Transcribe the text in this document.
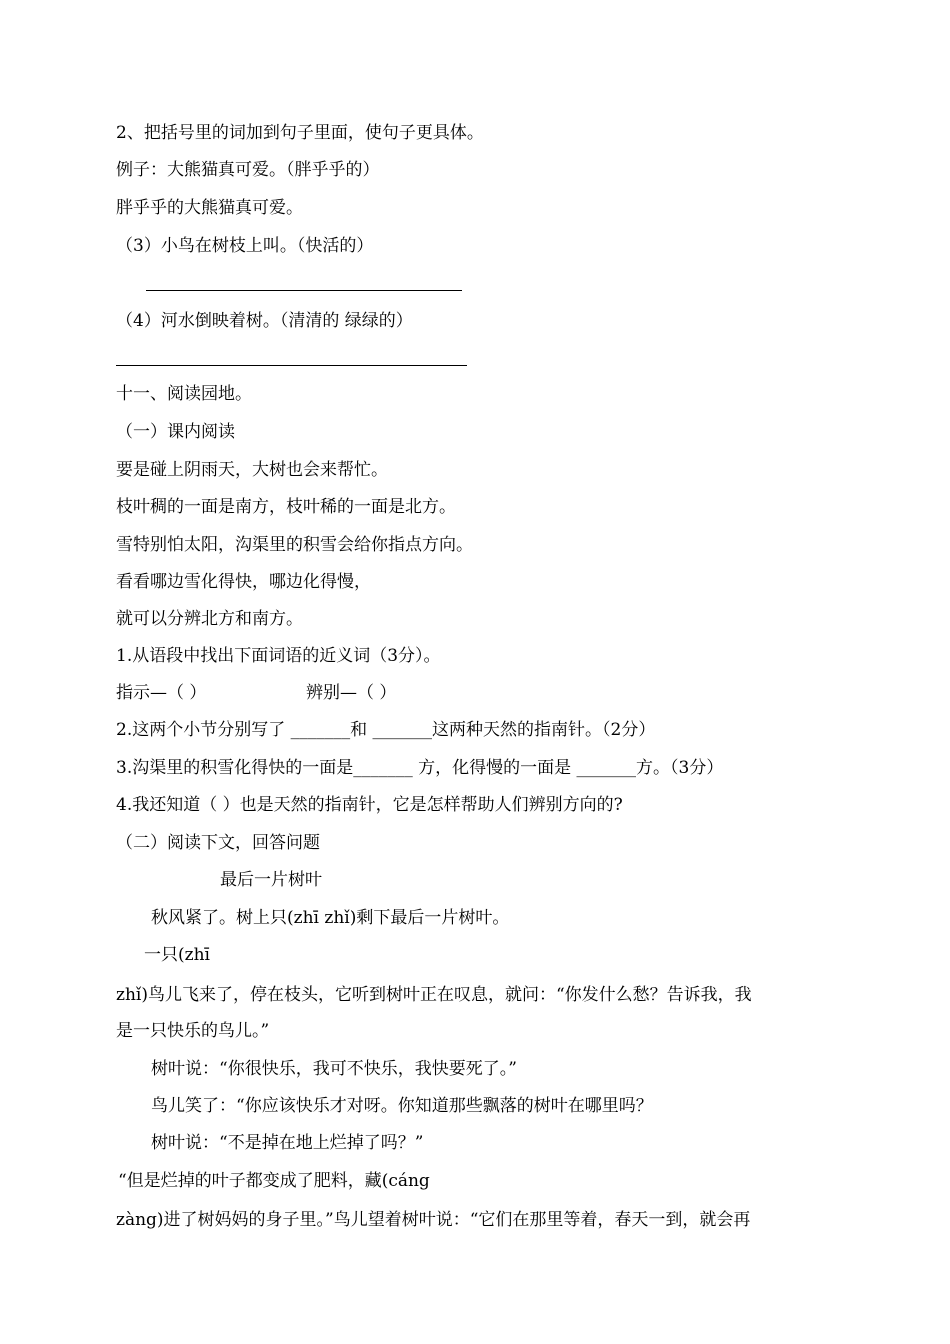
2、把括号里的词加到句子里面，使句子更具体。
例子：大熊猫真可爱。（胖乎乎的）
胖乎乎的大熊猫真可爱。
（3）小鸟在树枝上叫。（快活的）
（4）河水倒映着树。（清清的 绿绿的）
十一、阅读园地。
（一）课内阅读
要是碰上阴雨天，大树也会来帮忙。
枝叶稠的一面是南方，枝叶稀的一面是北方。
雪特别怕太阳，沟渠里的积雪会给你指点方向。
看看哪边雪化得快，哪边化得慢，
就可以分辨北方和南方。
1.从语段中找出下面词语的近义词（3分）。
指示—（ ）	辨别—（ ）
2.这两个小节分别写了 _______和 _______这两种天然的指南针。（2分）
3.沟渠里的积雪化得快的一面是_______ 方，化得慢的一面是 _______方。（3分）
4.我还知道（ ）也是天然的指南针，它是怎样帮助人们辨别方向的?
（二）阅读下文，回答问题
最后一片树叶
秋风紧了。树上只(zhī zhǐ)剩下最后一片树叶。
一只(zhī
zhǐ)鸟儿飞来了，停在枝头，它听到树叶正在叹息，就问：“你发什么愁？告诉我，我
是一只快乐的鸟儿。”
树叶说：“你很快乐，我可不快乐，我快要死了。”
鸟儿笑了：“你应该快乐才对呀。你知道那些飘落的树叶在哪里吗？
树叶说：“不是掉在地上烂掉了吗？”
“但是烂掉的叶子都变成了肥料，藏(cáng
zàng)进了树妈妈的身子里。”鸟儿望着树叶说：“它们在那里等着，春天一到，就会再
